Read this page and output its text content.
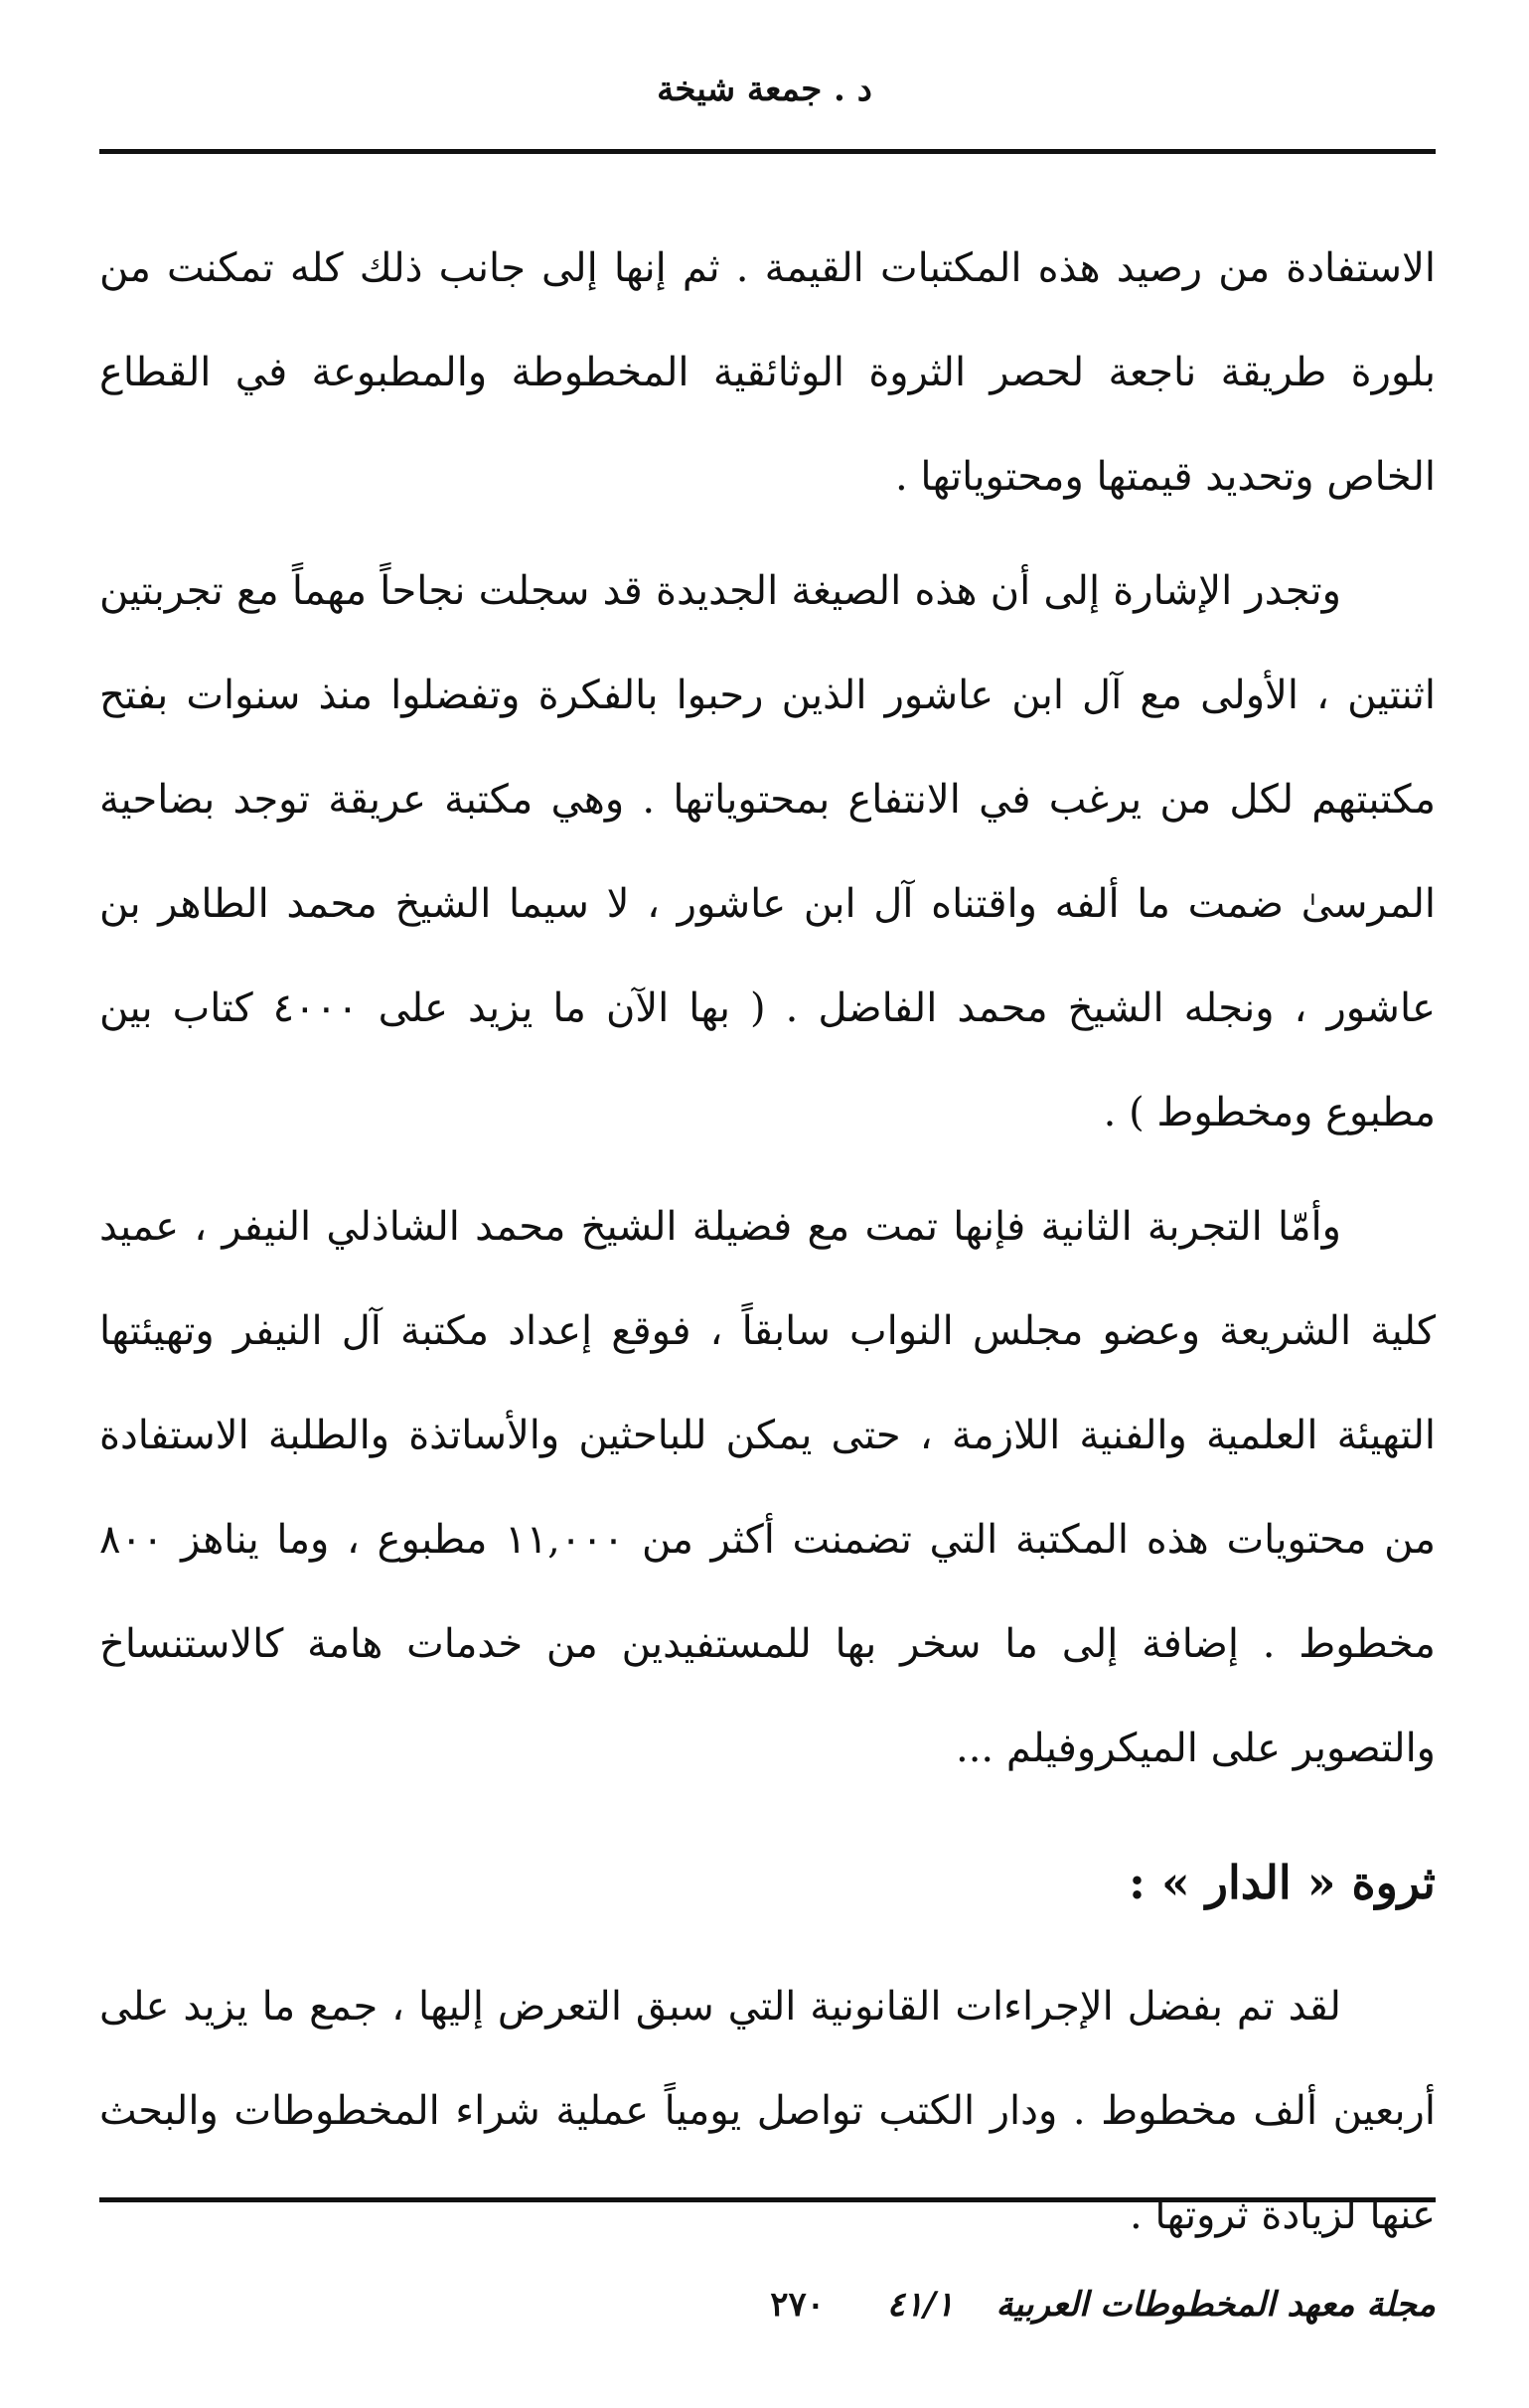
د . جمعة شيخة

الاستفادة من رصيد هذه المكتبات القيمة . ثم إنها إلى جانب ذلك كله تمكنت من بلورة طريقة ناجعة لحصر الثروة الوثائقية المخطوطة والمطبوعة في القطاع الخاص وتحديد قيمتها ومحتوياتها .

وتجدر الإشارة إلى أن هذه الصيغة الجديدة قد سجلت نجاحاً مهماً مع تجربتين اثنتين ، الأولى مع آل ابن عاشور الذين رحبوا بالفكرة وتفضلوا منذ سنوات بفتح مكتبتهم لكل من يرغب في الانتفاع بمحتوياتها . وهي مكتبة عريقة توجد بضاحية المرسىٰ ضمت ما ألفه واقتناه آل ابن عاشور ، لا سيما الشيخ محمد الطاهر بن عاشور ، ونجله الشيخ محمد الفاضل . ( بها الآن ما يزيد على ٤٠٠٠ كتاب بين مطبوع ومخطوط ) .

وأمّا التجربة الثانية فإنها تمت مع فضيلة الشيخ محمد الشاذلي النيفر ، عميد كلية الشريعة وعضو مجلس النواب سابقاً ، فوقع إعداد مكتبة آل النيفر وتهيئتها التهيئة العلمية والفنية اللازمة ، حتى يمكن للباحثين والأساتذة والطلبة الاستفادة من محتويات هذه المكتبة التي تضمنت أكثر من ١١,٠٠٠ مطبوع ، وما يناهز ٨٠٠ مخطوط . إضافة إلى ما سخر بها للمستفيدين من خدمات هامة كالاستنساخ والتصوير على الميكروفيلم ...

ثروة « الدار » :

لقد تم بفضل الإجراءات القانونية التي سبق التعرض إليها ، جمع ما يزيد على أربعين ألف مخطوط . ودار الكتب تواصل يومياً عملية شراء المخطوطات والبحث عنها لزيادة ثروتها .

مجلة معهد المخطوطات العربية
٤١/١
٢٧٠
